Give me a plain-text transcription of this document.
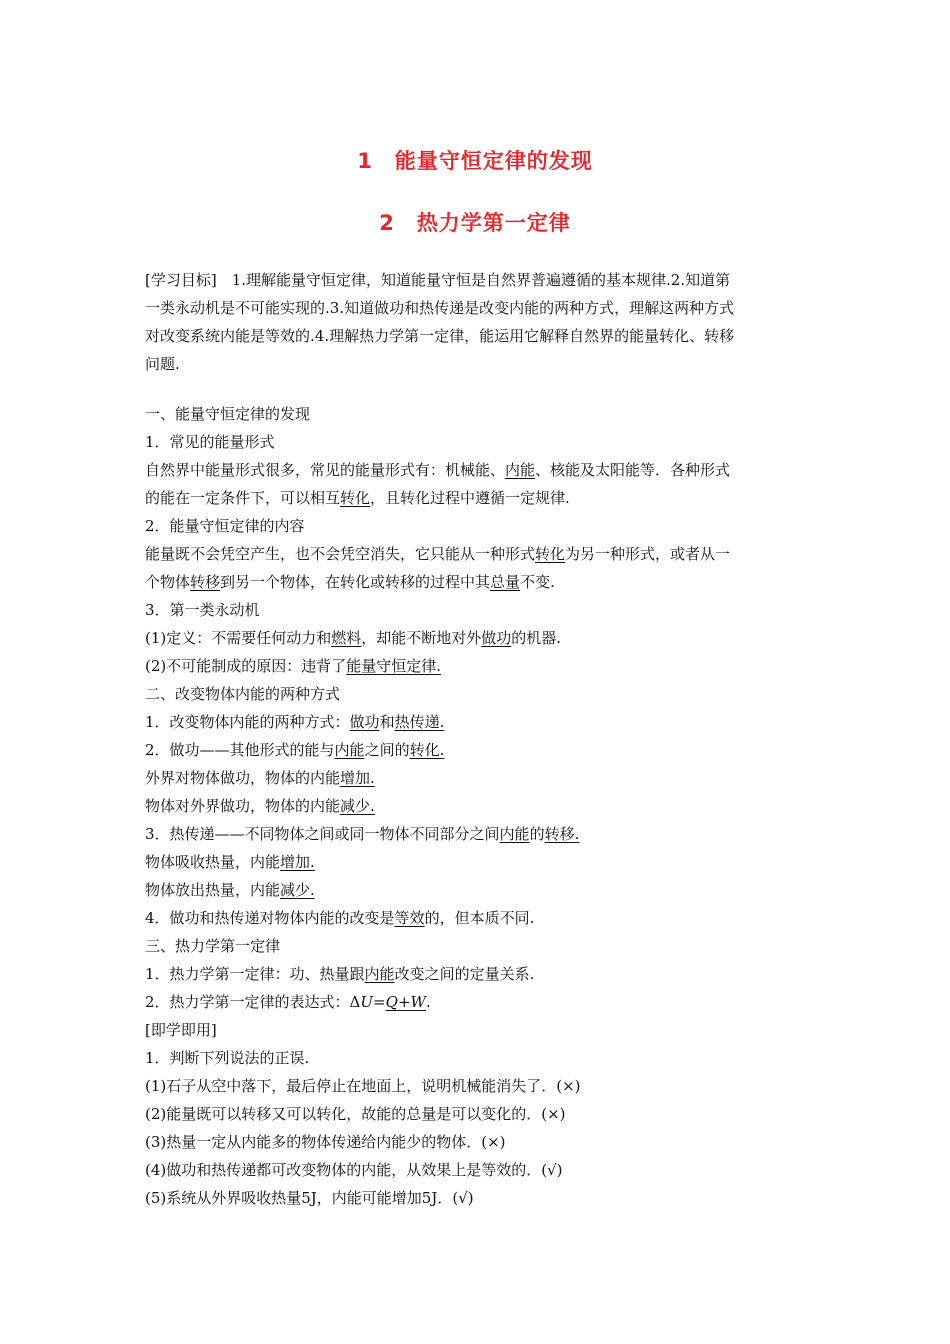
1　能量守恒定律的发现
2　热力学第一定律
[学习目标]　1.理解能量守恒定律，知道能量守恒是自然界普遍遵循的基本规律.2.知道第
一类永动机是不可能实现的.3.知道做功和热传递是改变内能的两种方式，理解这两种方式
对改变系统内能是等效的.4.理解热力学第一定律，能运用它解释自然界的能量转化、转移
问题.
一、能量守恒定律的发现
1．常见的能量形式
自然界中能量形式很多，常见的能量形式有：机械能、内能、核能及太阳能等．各种形式
的能在一定条件下，可以相互转化，且转化过程中遵循一定规律.
2．能量守恒定律的内容
能量既不会凭空产生，也不会凭空消失，它只能从一种形式转化为另一种形式，或者从一
个物体转移到另一个物体，在转化或转移的过程中其总量不变.
3．第一类永动机
(1)定义：不需要任何动力和燃料，却能不断地对外做功的机器.
(2)不可能制成的原因：违背了能量守恒定律.
二、改变物体内能的两种方式
1．改变物体内能的两种方式：做功和热传递.
2．做功——其他形式的能与内能之间的转化.
外界对物体做功，物体的内能增加.
物体对外界做功，物体的内能减少.
3．热传递——不同物体之间或同一物体不同部分之间内能的转移.
物体吸收热量，内能增加.
物体放出热量，内能减少.
4．做功和热传递对物体内能的改变是等效的，但本质不同.
三、热力学第一定律
1．热力学第一定律：功、热量跟内能改变之间的定量关系.
2．热力学第一定律的表达式：ΔU=Q+W.
[即学即用]
1．判断下列说法的正误.
(1)石子从空中落下，最后停止在地面上，说明机械能消失了．(×)
(2)能量既可以转移又可以转化，故能的总量是可以变化的．(×)
(3)热量一定从内能多的物体传递给内能少的物体．(×)
(4)做功和热传递都可改变物体的内能，从效果上是等效的．(√)
(5)系统从外界吸收热量5J，内能可能增加5J．(√)
